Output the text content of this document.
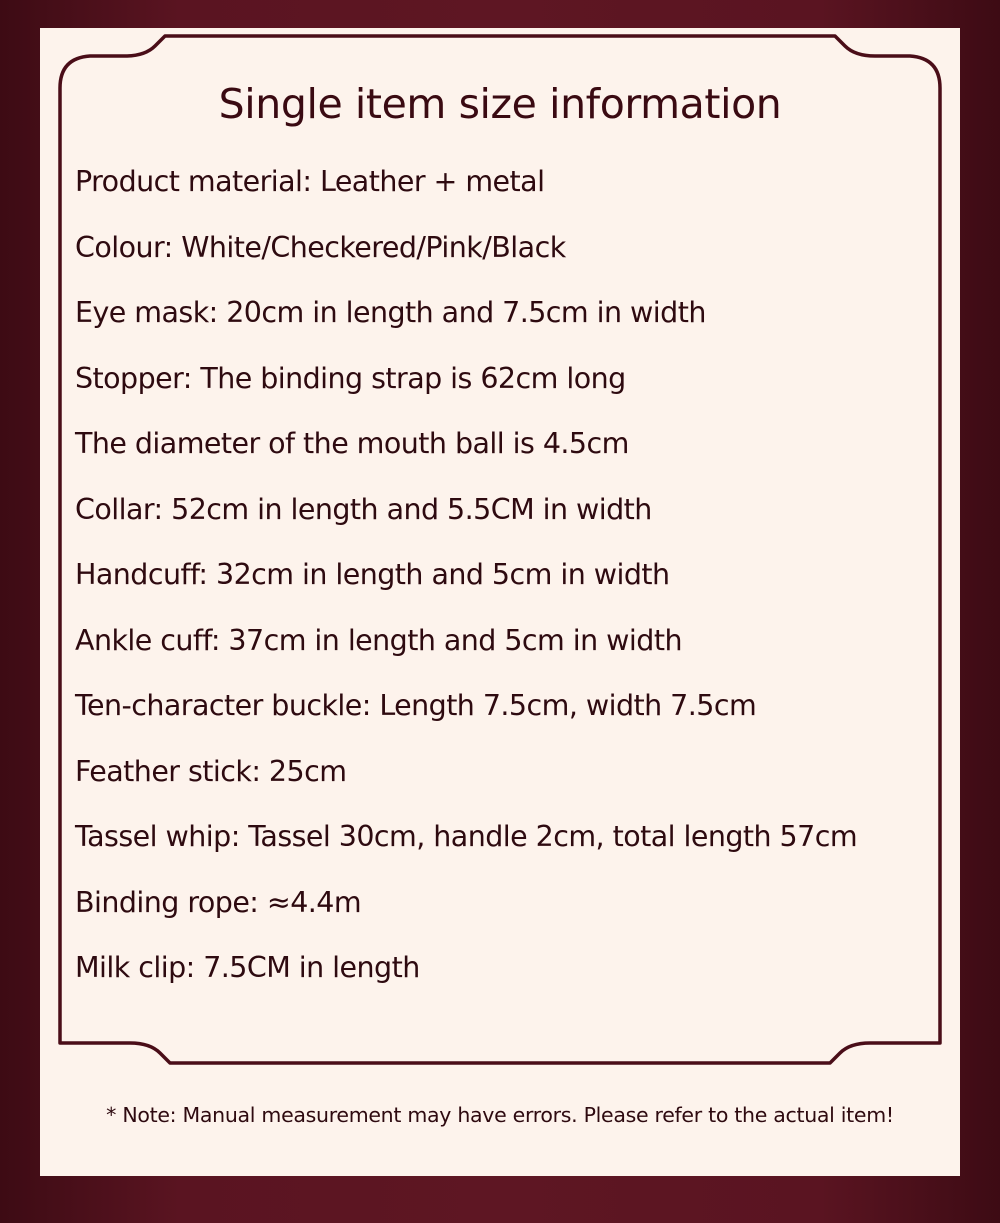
Single item size information
Product material: Leather + metal
Colour: White/Checkered/Pink/Black
Eye mask: 20cm in length and 7.5cm in width
Stopper: The binding strap is 62cm long
The diameter of the mouth ball is 4.5cm
Collar: 52cm in length and 5.5CM in width
Handcuff: 32cm in length and 5cm in width
Ankle cuff: 37cm in length and 5cm in width
Ten-character buckle: Length 7.5cm, width 7.5cm
Feather stick: 25cm
Tassel whip: Tassel 30cm, handle 2cm, total length 57cm
Binding rope: ≈4.4m
Milk clip: 7.5CM in length
* Note: Manual measurement may have errors. Please refer to the actual item!
